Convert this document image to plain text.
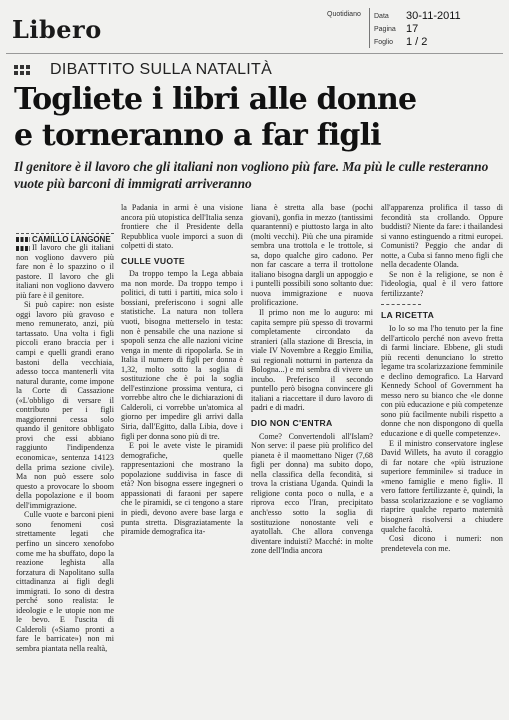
Libero
Quotidiano Data 30-11-2011
Pagina 17
Foglio 1 / 2
DIBATTITO SULLA NATALITÀ
Togliete i libri alle donne
e torneranno a far figli
Il genitore è il lavoro che gli italiani non vogliono più fare. Ma più le culle resteranno vuote più barconi di immigrati arriveranno
CAMILLO LANGONE

Il lavoro che gli italiani non vogliono davvero più fare non è lo spazzino o il pastore. Il lavoro che gli italiani non vogliono davvero più fare è il genitore.

Si può capire: non esiste oggi lavoro più gravoso e meno remunerato, anzi, più tartassato. Una volta i figli piccoli erano braccia per i campi e quelli grandi erano bastoni della vecchiaia, adesso tocca mantenerli vita natural durante, come impone la Corte di Cassazione («L'obbligo di versare il contributo per i figli maggiorenni cessa solo quando il genitore obbligato provi che essi abbiano raggiunto l'indipendenza economica», sentenza 14123 della prima sezione civile). Ma non può essere solo questo a provocare lo sboom della popolazione e il boom dell'immigrazione.

Culle vuote e barconi pieni sono fenomeni così strettamente legati che perfino un sincero xenofobo come me ha sbuffato, dopo la reazione leghista alla forzatura di Napolitano sulla cittadinanza ai figli degli immigrati. Io sono di destra perché sono realista: le ideologie e le utopie non me le bevo. E l'uscita di Calderoli («Siamo pronti a fare le barricate») non mi sembra piantata nella realtà,

la Padania in armi è una visione ancora più utopistica dell'Italia senza frontiere che il Presidente della Repubblica vuole imporci a suon di colpetti di stato.

CULLE VUOTE

Da troppo tempo la Lega abbaia ma non morde. Da troppo tempo i politici, di tutti i partiti, mica solo i bossiani, preferiscono i sogni alle statistiche. La natura non tollera vuoti, bisogna metterselo in testa: non è pensabile che una nazione si spopoli senza che alle nazioni vicine venga in mente di ripopolarla. Se in Italia il numero di figli per donna è 1,32, molto sotto la soglia di sostituzione che è poi la soglia dell'estinzione prossima ventura, ci vorrebbe altro che le dichiarazioni di Calderoli, ci vorrebbe un'atomica al giorno per impedire gli arrivi dalla Siria, dall'Egitto, dalla Libia, dove i figli per donna sono più di tre.

E poi le avete viste le piramidi demografiche, quelle rappresentazioni che mostrano la popolazione suddivisa in fasce di età? Non bisogna essere ingegneri o appassionati di faraoni per sapere che le piramidi, se ci tengono a stare in piedi, devono avere base larga e punta stretta. Disgraziatamente la piramide demografica ita-

liana è stretta alla base (pochi giovani), gonfia in mezzo (tantissimi quarantenni) e piuttosto larga in alto (molti vecchi). Più che una piramide sembra una trottola e le trottole, si sa, dopo qualche giro cadono. Per non far cascare a terra il trottolone italiano bisogna dargli un appoggio e i puntelli possibili sono soltanto due: nuova immigrazione e nuova prolificazione.

Il primo non me lo auguro: mi capita sempre più spesso di trovarmi completamente circondato da stranieri (alla stazione di Brescia, in viale IV Novembre a Reggio Emilia, sui regionali notturni in partenza da Bologna...) e mi sembra di vivere un incubo. Preferisco il secondo puntello però bisogna convincere gli italiani a riaccettare il duro lavoro di padri e di madri.

DIO NON C'ENTRA

Come? Convertendoli all'Islam? Non serve: il paese più prolifico del pianeta è il maomettano Niger (7,68 figli per donna) ma subito dopo, nella classifica della fecondità, si trova la cristiana Uganda. Quindi la religione conta poco o nulla, e a riprova ecco l'Iran, precipitato anch'esso sotto la soglia di sostituzione nonostante veli e ayatollah. Che allora convenga diventare induisti? Macché: in molte zone dell'India ancora

all'apparenza prolifica il tasso di fecondità sta crollando. Oppure buddisti? Niente da fare: i thailandesi si vanno estinguendo a ritmi europei. Comunisti? Peggio che andar di notte, a Cuba si fanno meno figli che nella decadente Olanda.

Se non è la religione, se non è l'ideologia, qual è il vero fattore fertilizzante?

LA RICETTA

Io lo so ma l'ho tenuto per la fine dell'articolo perché non avevo fretta di farmi linciare. Ebbene, gli studi più recenti denunciano lo stretto legame tra scolarizzazione femminile e declino demografico. La Harvard Kennedy School of Government ha messo nero su bianco che «le donne con più educazione e più competenze sono più facilmente nubili rispetto a donne che non dispongono di quella educazione e di quelle competenze».

E il ministro conservatore inglese David Willets, ha avuto il coraggio di far notare che «più istruzione superiore femminile» si traduce in «meno famiglie e meno figli». Il vero fattore fertilizzante è, quindi, la bassa scolarizzazione e se vogliamo riaprire qualche reparto maternità bisognerà risolversi a chiudere qualche facoltà.

Così dicono i numeri: non prendetevela con me.
